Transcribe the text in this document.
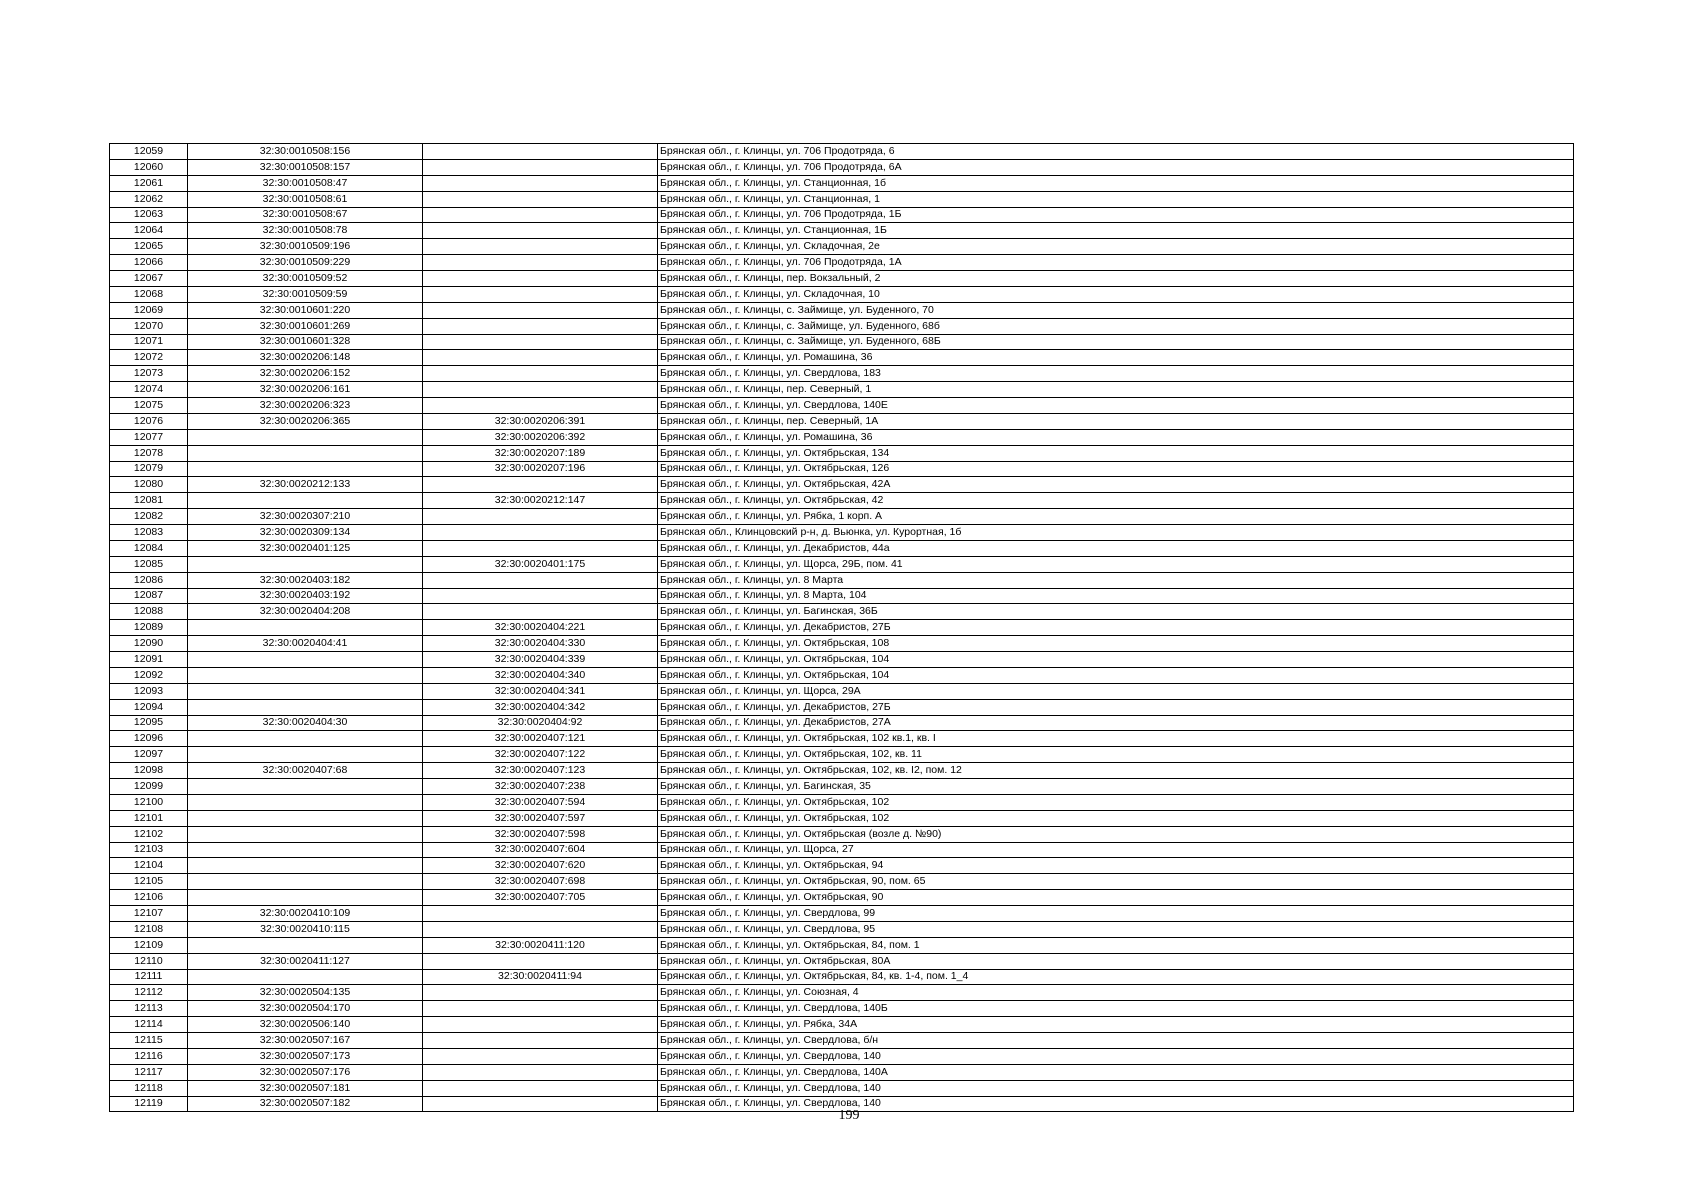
12059	32:30:0010508:156		Брянская обл., г. Клинцы, ул. 706 Продотряда, 6
12060	32:30:0010508:157		Брянская обл., г. Клинцы, ул. 706 Продотряда, 6А
12061	32:30:0010508:47		Брянская обл., г. Клинцы, ул. Станционная, 1б
12062	32:30:0010508:61		Брянская обл., г. Клинцы, ул. Станционная, 1
12063	32:30:0010508:67		Брянская обл., г. Клинцы, ул. 706 Продотряда, 1Б
12064	32:30:0010508:78		Брянская обл., г. Клинцы, ул. Станционная, 1Б
12065	32:30:0010509:196		Брянская обл., г. Клинцы, ул. Складочная, 2е
12066	32:30:0010509:229		Брянская обл., г. Клинцы, ул. 706 Продотряда, 1А
12067	32:30:0010509:52		Брянская обл., г. Клинцы, пер. Вокзальный, 2
12068	32:30:0010509:59		Брянская обл., г. Клинцы, ул. Складочная, 10
12069	32:30:0010601:220		Брянская обл., г. Клинцы, с. Займище, ул. Буденного, 70
12070	32:30:0010601:269		Брянская обл., г. Клинцы, с. Займище, ул. Буденного, 68б
12071	32:30:0010601:328		Брянская обл., г. Клинцы, с. Займище, ул. Буденного, 68Б
12072	32:30:0020206:148		Брянская обл., г. Клинцы, ул. Ромашина, 36
12073	32:30:0020206:152		Брянская обл., г. Клинцы, ул. Свердлова, 183
12074	32:30:0020206:161		Брянская обл., г. Клинцы, пер. Северный, 1
12075	32:30:0020206:323		Брянская обл., г. Клинцы, ул. Свердлова, 140Е
12076	32:30:0020206:365	32:30:0020206:391	Брянская обл., г. Клинцы, пер. Северный, 1А
12077		32:30:0020206:392	Брянская обл., г. Клинцы, ул. Ромашина, 36
12078		32:30:0020207:189	Брянская обл., г. Клинцы, ул. Октябрьская, 134
12079		32:30:0020207:196	Брянская обл., г. Клинцы, ул. Октябрьская, 126
12080	32:30:0020212:133		Брянская обл., г. Клинцы, ул. Октябрьская, 42А
12081		32:30:0020212:147	Брянская обл., г. Клинцы, ул. Октябрьская, 42
12082	32:30:0020307:210		Брянская обл., г. Клинцы, ул. Рябка, 1 корп. А
12083	32:30:0020309:134		Брянская обл., Клинцовский р-н, д. Вьюнка, ул. Курортная, 1б
12084	32:30:0020401:125		Брянская обл., г. Клинцы, ул. Декабристов, 44а
12085		32:30:0020401:175	Брянская обл., г. Клинцы, ул. Щорса, 29Б, пом. 41
12086	32:30:0020403:182		Брянская обл., г. Клинцы, ул. 8 Марта
12087	32:30:0020403:192		Брянская обл., г. Клинцы, ул. 8 Марта, 104
12088	32:30:0020404:208		Брянская обл., г. Клинцы, ул. Багинская, 36Б
12089		32:30:0020404:221	Брянская обл., г. Клинцы, ул. Декабристов, 27Б
12090	32:30:0020404:41	32:30:0020404:330	Брянская обл., г. Клинцы, ул. Октябрьская, 108
12091		32:30:0020404:339	Брянская обл., г. Клинцы, ул. Октябрьская, 104
12092		32:30:0020404:340	Брянская обл., г. Клинцы, ул. Октябрьская, 104
12093		32:30:0020404:341	Брянская обл., г. Клинцы, ул. Щорса, 29А
12094		32:30:0020404:342	Брянская обл., г. Клинцы, ул. Декабристов, 27Б
12095	32:30:0020404:30	32:30:0020404:92	Брянская обл., г. Клинцы, ул. Декабристов, 27А
12096		32:30:0020407:121	Брянская обл., г. Клинцы, ул. Октябрьская, 102 кв.1, кв. I
12097		32:30:0020407:122	Брянская обл., г. Клинцы, ул. Октябрьская, 102, кв. 11
12098	32:30:0020407:68	32:30:0020407:123	Брянская обл., г. Клинцы, ул. Октябрьская, 102, кв. I2, пом. 12
12099		32:30:0020407:238	Брянская обл., г. Клинцы, ул. Багинская, 35
12100		32:30:0020407:594	Брянская обл., г. Клинцы, ул. Октябрьская, 102
12101		32:30:0020407:597	Брянская обл., г. Клинцы, ул. Октябрьская, 102
12102		32:30:0020407:598	Брянская обл., г. Клинцы, ул. Октябрьская (возле д. №90)
12103		32:30:0020407:604	Брянская обл., г. Клинцы, ул. Щорса, 27
12104		32:30:0020407:620	Брянская обл., г. Клинцы, ул. Октябрьская, 94
12105		32:30:0020407:698	Брянская обл., г. Клинцы, ул. Октябрьская, 90, пом. 65
12106		32:30:0020407:705	Брянская обл., г. Клинцы, ул. Октябрьская, 90
12107	32:30:0020410:109		Брянская обл., г. Клинцы, ул. Свердлова, 99
12108	32:30:0020410:115		Брянская обл., г. Клинцы, ул. Свердлова, 95
12109		32:30:0020411:120	Брянская обл., г. Клинцы, ул. Октябрьская, 84, пом. 1
12110	32:30:0020411:127		Брянская обл., г. Клинцы, ул. Октябрьская, 80А
12111		32:30:0020411:94	Брянская обл., г. Клинцы, ул. Октябрьская, 84, кв. 1-4, пом. 1_4
12112	32:30:0020504:135		Брянская обл., г. Клинцы, ул. Союзная, 4
12113	32:30:0020504:170		Брянская обл., г. Клинцы, ул. Свердлова, 140Б
12114	32:30:0020506:140		Брянская обл., г. Клинцы, ул. Рябка, 34А
12115	32:30:0020507:167		Брянская обл., г. Клинцы, ул. Свердлова, б/н
12116	32:30:0020507:173		Брянская обл., г. Клинцы, ул. Свердлова, 140
12117	32:30:0020507:176		Брянская обл., г. Клинцы, ул. Свердлова, 140А
12118	32:30:0020507:181		Брянская обл., г. Клинцы, ул. Свердлова, 140
12119	32:30:0020507:182		Брянская обл., г. Клинцы, ул. Свердлова, 140
199
